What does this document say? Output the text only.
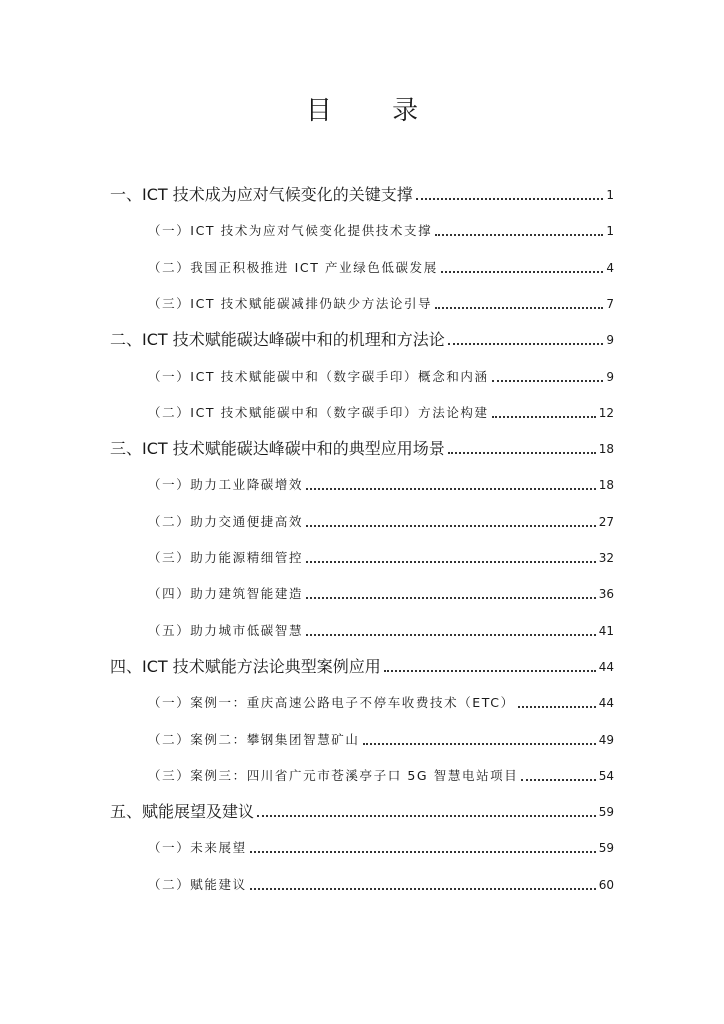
目 录
一、ICT 技术成为应对气候变化的关键支撑	1
（一）ICT 技术为应对气候变化提供技术支撑	1
（二）我国正积极推进 ICT 产业绿色低碳发展	4
（三）ICT 技术赋能碳减排仍缺少方法论引导	7
二、ICT 技术赋能碳达峰碳中和的机理和方法论	9
（一）ICT 技术赋能碳中和（数字碳手印）概念和内涵	9
（二）ICT 技术赋能碳中和（数字碳手印）方法论构建	12
三、ICT 技术赋能碳达峰碳中和的典型应用场景	18
（一）助力工业降碳增效	18
（二）助力交通便捷高效	27
（三）助力能源精细管控	32
（四）助力建筑智能建造	36
（五）助力城市低碳智慧	41
四、ICT 技术赋能方法论典型案例应用	44
（一）案例一：重庆高速公路电子不停车收费技术（ETC）	44
（二）案例二：攀钢集团智慧矿山	49
（三）案例三：四川省广元市苍溪亭子口 5G 智慧电站项目	54
五、赋能展望及建议	59
（一）未来展望	59
（二）赋能建议	60
